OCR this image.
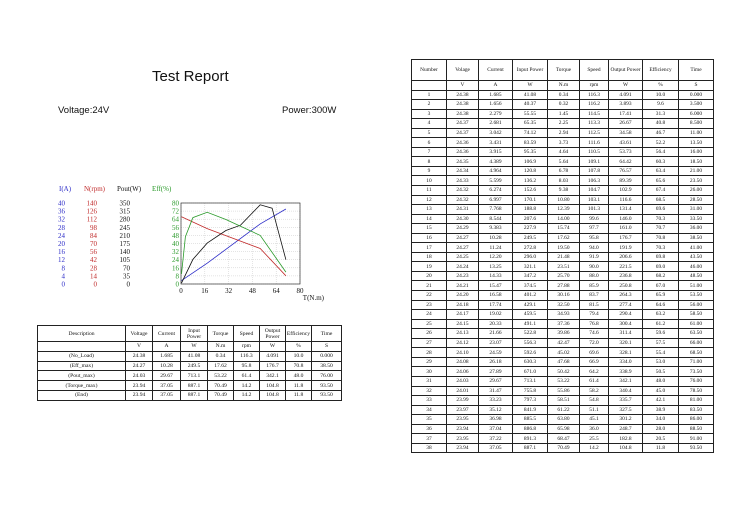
Test Report
Voltage:24V	Power:300W
I(A) N(rpm) Pout(W) Eff(%)
40
36
32
28
24
20
16
12
8
4
0
140
126
112
98
84
70
56
42
28
14
0
350
315
280
245
210
175
140
105
70
35
0
80
72
64
56
48
40
32
24
16
8
0
0	16 32 48 64 80
T(N.m)
Description	Voltage	Current	Input Power	Torque	Speed	Output Power	Efficiency	Time
	V	A	W	N.m	rpm	W	%	S
(No_Load)	24.38	1.685	41.08	0.34	116.3	4.091	10.0	0.000
(Eff_max)	24.27	10.28	249.5	17.62	95.8	176.7	70.8	38.50
(Pout_max)	24.03	29.67	713.1	53.22	61.4	342.1	48.0	76.00
(Torque_max)	23.94	37.05	887.1	70.49	14.2	104.8	11.8	93.50
(End)	23.94	37.05	887.1	70.49	14.2	104.8	11.8	93.50
Number	Volage	Current	Input Power	Torque	Speed	Output Power	Efficiency	Time
	V	A	W	N.m	rpm	W	%	S
1	24.38	1.685	41.08	0.34	116.3	4.091	10.0	0.000
2	24.38	1.656	40.37	0.32	116.2	3.893	9.6	3.500
3	24.38	2.279	55.55	1.45	114.5	17.41	31.3	6.000
4	24.37	2.681	65.35	2.25	113.3	26.67	40.8	8.500
5	24.37	3.042	74.12	2.94	112.5	34.58	46.7	11.00
6	24.36	3.431	83.59	3.73	111.6	43.61	52.2	13.50
7	24.36	3.915	95.35	4.64	110.5	53.73	56.4	16.00
8	24.35	4.389	106.9	5.64	109.1	64.42	60.3	18.50
9	24.34	4.964	120.8	6.78	107.8	76.57	63.4	21.00
10	24.33	5.599	136.2	8.03	106.3	89.39	65.6	23.50
11	24.32	6.274	152.6	9.38	104.7	102.9	67.4	26.00
12	24.32	6.997	170.1	10.80	103.1	116.6	68.5	28.50
13	24.31	7.768	188.8	12.39	101.3	131.4	69.6	31.00
14	24.30	8.544	207.6	14.00	99.6	146.0	70.3	33.50
15	24.29	9.383	227.9	15.74	97.7	161.0	70.7	36.00
16	24.27	10.28	249.5	17.62	95.8	176.7	70.8	38.50
17	24.27	11.24	272.8	19.50	94.0	191.9	70.3	41.00
18	24.25	12.20	296.0	21.48	91.9	206.6	69.8	43.50
19	24.24	13.25	321.1	23.51	90.0	221.5	69.0	46.00
20	24.23	14.33	347.2	25.70	88.0	236.8	68.2	48.50
21	24.21	15.47	374.5	27.88	85.9	250.8	67.0	51.00
22	24.20	16.58	401.2	30.16	83.7	264.3	65.9	53.50
23	24.18	17.74	429.1	32.50	81.5	277.4	64.6	56.00
24	24.17	19.02	459.5	34.93	79.4	290.4	63.2	58.50
25	24.15	20.33	491.1	37.36	76.8	300.4	61.2	61.00
26	24.13	21.66	522.8	39.86	74.6	311.4	59.6	63.50
27	24.12	23.07	556.3	42.47	72.0	320.1	57.5	66.00
28	24.10	24.59	592.6	45.02	69.6	328.1	55.4	68.50
29	24.08	26.18	630.3	47.68	66.9	334.0	53.0	71.00
30	24.06	27.89	671.0	50.42	64.2	338.9	50.5	73.50
31	24.03	29.67	713.1	53.22	61.4	342.1	48.0	76.00
32	24.01	31.47	755.8	55.86	58.2	340.4	45.0	78.50
33	23.99	33.23	797.3	58.51	54.8	335.7	42.1	81.00
34	23.97	35.12	841.9	61.22	51.1	327.5	38.9	83.50
35	23.95	36.98	885.5	63.80	45.1	301.2	34.0	86.00
36	23.94	37.04	886.8	65.98	36.0	248.7	28.0	88.50
37	23.95	37.22	891.3	68.47	25.5	182.8	20.5	91.00
38	23.94	37.05	887.1	70.49	14.2	104.8	11.8	93.50
